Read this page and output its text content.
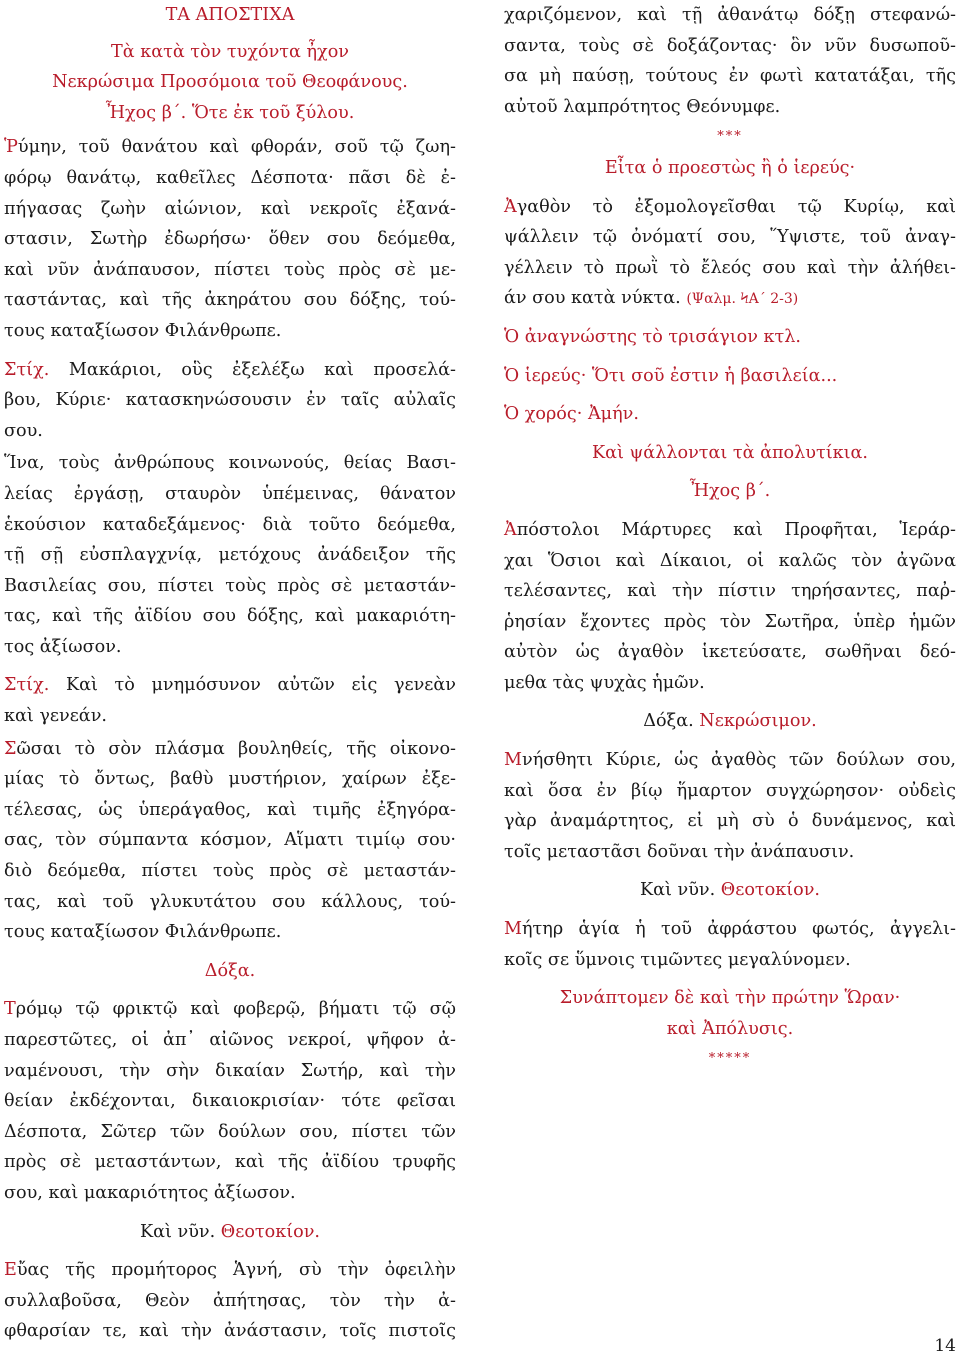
ΤΑ ΑΠΟΣΤΙΧΑ
Τὰ κατὰ τὸν τυχόντα ἦχον
Νεκρώσιμα Προσόμοια τοῦ Θεοφάνους.
Ἦχος β΄. Ὅτε ἐκ τοῦ ξύλου.
Ῥύμην, τοῦ θανάτου καὶ φθοράν, σοῦ τῷ ζωη-
φόρῳ θανάτῳ, καθεῖλες Δέσποτα· πᾶσι δὲ ἐ-
πήγασας ζωὴν αἰώνιον, καὶ νεκροῖς ἐξανά-
στασιν, Σωτὴρ ἐδωρήσω· ὅθεν σου δεόμεθα,
καὶ νῦν ἀνάπαυσον, πίστει τοὺς πρὸς σὲ με-
ταστάντας, καὶ τῆς ἀκηράτου σου δόξης, τού-
τους καταξίωσον Φιλάνθρωπε.
Στίχ. Μακάριοι, οὓς ἐξελέξω καὶ προσελά-
βου, Κύριε· κατασκηνώσουσιν ἐν ταῖς αὐλαῖς
σου.
Ἵνα, τοὺς ἀνθρώπους κοινωνούς, θείας Βασι-
λείας ἐργάσῃ, σταυρὸν ὑπέμεινας, θάνατον
ἑκούσιον καταδεξάμενος· διὰ τοῦτο δεόμεθα,
τῇ σῇ εὐσπλαγχνίᾳ, μετόχους ἀνάδειξον τῆς
Βασιλείας σου, πίστει τοὺς πρὸς σὲ μεταστάν-
τας, καὶ τῆς ἀϊδίου σου δόξης, καὶ μακαριότη-
τος ἀξίωσον.
Στίχ. Καὶ τὸ μνημόσυνον αὐτῶν εἰς γενεὰν
καὶ γενεάν.
Σῶσαι τὸ σὸν πλάσμα βουληθείς, τῆς οἰκονο-
μίας τὸ ὄντως, βαθὺ μυστήριον, χαίρων ἐξε-
τέλεσας, ὡς ὑπεράγαθος, καὶ τιμῆς ἐξηγόρα-
σας, τὸν σύμπαντα κόσμον, Αἵματι τιμίῳ σου·
διὸ δεόμεθα, πίστει τοὺς πρὸς σὲ μεταστάν-
τας, καὶ τοῦ γλυκυτάτου σου κάλλους, τού-
τους καταξίωσον Φιλάνθρωπε.
Δόξα.
Τρόμῳ τῷ φρικτῷ καὶ φοβερῷ, βήματι τῷ σῷ
παρεστῶτες, οἱ ἀπ᾿ αἰῶνος νεκροί, ψῆφον ἀ-
ναμένουσι, τὴν σὴν δικαίαν Σωτήρ, καὶ τὴν
θείαν ἐκδέχονται, δικαιοκρισίαν· τότε φεῖσαι
Δέσποτα, Σῶτερ τῶν δούλων σου, πίστει τῶν
πρὸς σὲ μεταστάντων, καὶ τῆς ἀϊδίου τρυφῆς
σου, καὶ μακαριότητος ἀξίωσον.
Καὶ νῦν. Θεοτοκίον.
Εὔας τῆς προμήτορος Ἁγνή, σὺ τὴν ὀφειλὴν
συλλαβοῦσα, Θεὸν ἀπήτησας, τὸν τὴν ἀ-
φθαρσίαν τε, καὶ τὴν ἀνάστασιν, τοῖς πιστοῖς
χαριζόμενον, καὶ τῇ ἀθανάτῳ δόξῃ στεφανώ-
σαντα, τοὺς σὲ δοξάζοντας· ὃν νῦν δυσωποῦ-
σα μὴ παύσῃ, τούτους ἐν φωτὶ κατατάξαι, τῆς
αὐτοῦ λαμπρότητος Θεόνυμφε.
***
Εἶτα ὁ προεστὼς ἢ ὁ ἱερεύς·
Ἀγαθὸν τὸ ἐξομολογεῖσθαι τῷ Κυρίῳ, καὶ
ψάλλειν τῷ ὀνόματί σου, Ὕψιστε, τοῦ ἀναγ-
γέλλειν τὸ πρωῒ τὸ ἔλεός σου καὶ τὴν ἀλήθει-
άν σου κατὰ νύκτα. (Ψαλμ. ϞΑ΄ 2-3)
Ὁ ἀναγνώστης τὸ τρισάγιον κτλ.
Ὁ ἱερεύς· Ὅτι σοῦ ἐστιν ἡ βασιλεία...
Ὁ χορός· Ἀμήν.
Καὶ ψάλλονται τὰ ἀπολυτίκια.
Ἦχος β΄.
Ἀπόστολοι Μάρτυρες καὶ Προφῆται, Ἱεράρ-
χαι Ὅσιοι καὶ Δίκαιοι, οἱ καλῶς τὸν ἀγῶνα
τελέσαντες, καὶ τὴν πίστιν τηρήσαντες, παῤ-
ῥησίαν ἔχοντες πρὸς τὸν Σωτῆρα, ὑπὲρ ἡμῶν
αὐτὸν ὡς ἀγαθὸν ἱκετεύσατε, σωθῆναι δεό-
μεθα τὰς ψυχὰς ἡμῶν.
Δόξα. Νεκρώσιμον.
Μνήσθητι Κύριε, ὡς ἀγαθὸς τῶν δούλων σου,
καὶ ὅσα ἐν βίῳ ἥμαρτον συγχώρησον· οὐδεὶς
γὰρ ἀναμάρτητος, εἰ μὴ σὺ ὁ δυνάμενος, καὶ
τοῖς μεταστᾶσι δοῦναι τὴν ἀνάπαυσιν.
Καὶ νῦν. Θεοτοκίον.
Μήτηρ ἁγία ἡ τοῦ ἀφράστου φωτός, ἀγγελι-
κοῖς σε ὕμνοις τιμῶντες μεγαλύνομεν.
Συνάπτομεν δὲ καὶ τὴν πρώτην Ὥραν·
καὶ Ἀπόλυσις.
*****
14
